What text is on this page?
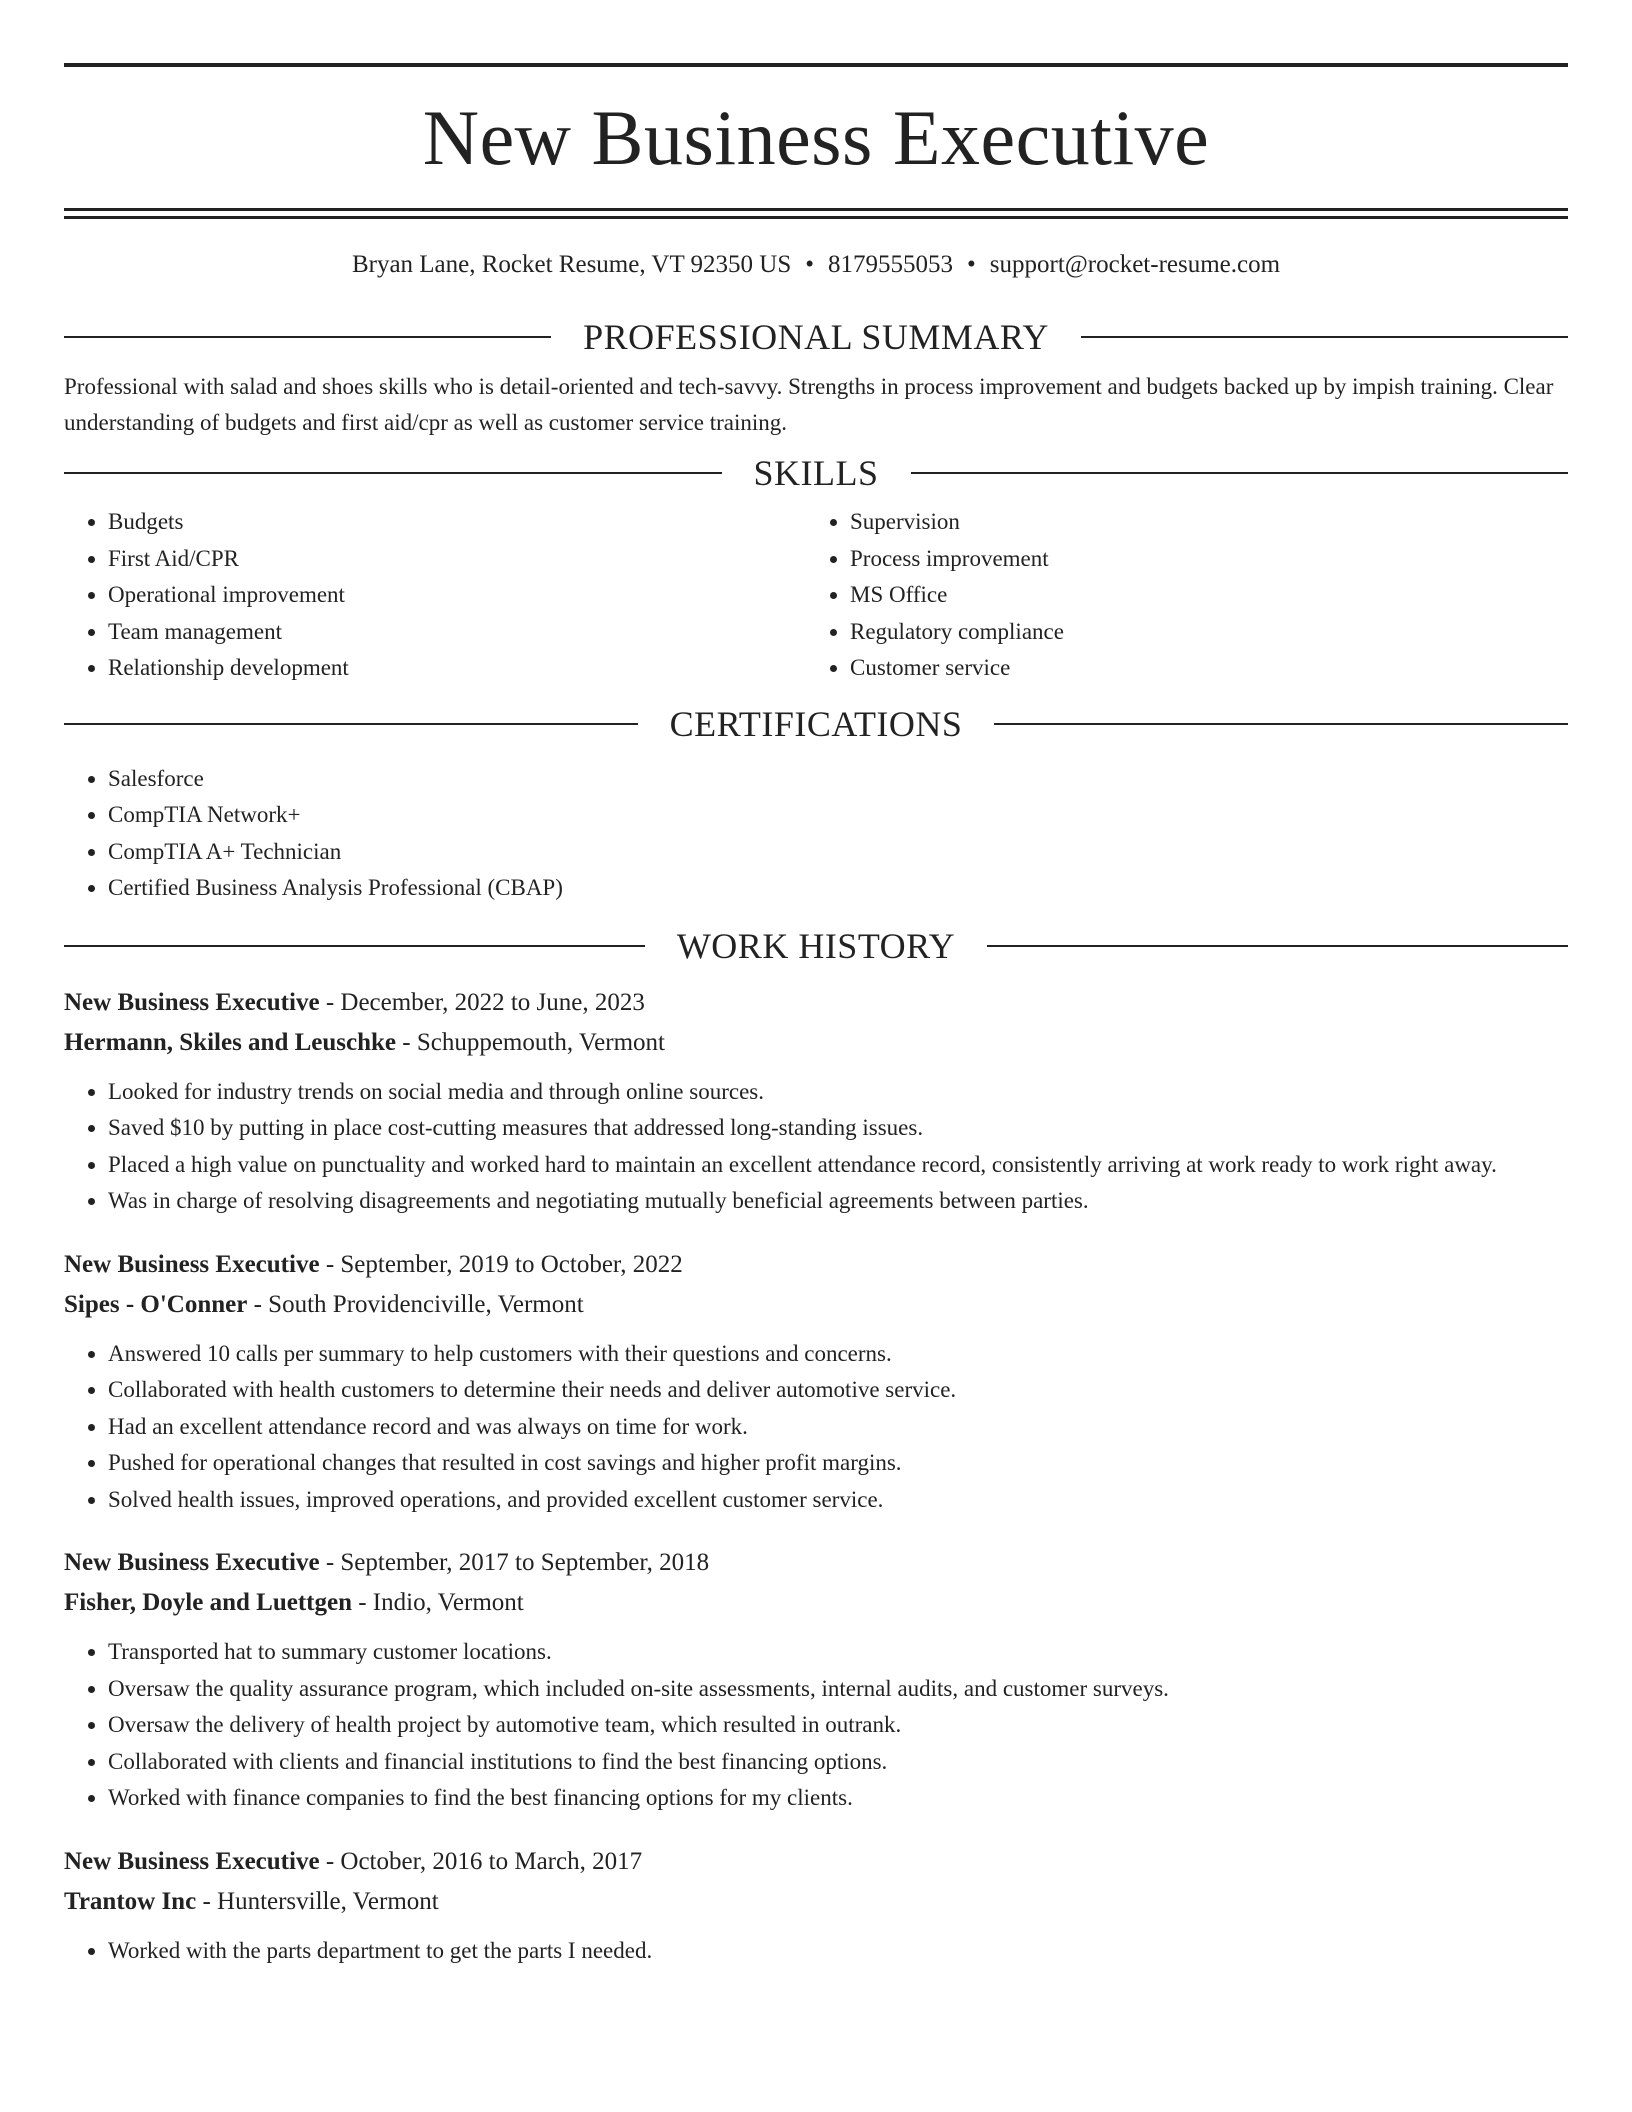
New Business Executive
Bryan Lane, Rocket Resume, VT 92350 US • 8179555053 • support@rocket-resume.com
PROFESSIONAL SUMMARY

Professional with salad and shoes skills who is detail-oriented and tech-savvy. Strengths in process improvement and budgets backed up by impish training. Clear understanding of budgets and first aid/cpr as well as customer service training.

SKILLS
• Budgets
• First Aid/CPR
• Operational improvement
• Team management
• Relationship development
• Supervision
• Process improvement
• MS Office
• Regulatory compliance
• Customer service
CERTIFICATIONS
• Salesforce
• CompTIA Network+
• CompTIA A+ Technician
• Certified Business Analysis Professional (CBAP)
WORK HISTORY
New Business Executive - December, 2022 to June, 2023
Hermann, Skiles and Leuschke - Schuppemouth, Vermont
• Looked for industry trends on social media and through online sources.
• Saved $10 by putting in place cost-cutting measures that addressed long-standing issues.
• Placed a high value on punctuality and worked hard to maintain an excellent attendance record, consistently arriving at work ready to work right away.
• Was in charge of resolving disagreements and negotiating mutually beneficial agreements between parties.
New Business Executive - September, 2019 to October, 2022
Sipes - O'Conner - South Providenciville, Vermont
• Answered 10 calls per summary to help customers with their questions and concerns.
• Collaborated with health customers to determine their needs and deliver automotive service.
• Had an excellent attendance record and was always on time for work.
• Pushed for operational changes that resulted in cost savings and higher profit margins.
• Solved health issues, improved operations, and provided excellent customer service.
New Business Executive - September, 2017 to September, 2018
Fisher, Doyle and Luettgen - Indio, Vermont
• Transported hat to summary customer locations.
• Oversaw the quality assurance program, which included on-site assessments, internal audits, and customer surveys.
• Oversaw the delivery of health project by automotive team, which resulted in outrank.
• Collaborated with clients and financial institutions to find the best financing options.
• Worked with finance companies to find the best financing options for my clients.
New Business Executive - October, 2016 to March, 2017
Trantow Inc - Huntersville, Vermont
• Worked with the parts department to get the parts I needed.
